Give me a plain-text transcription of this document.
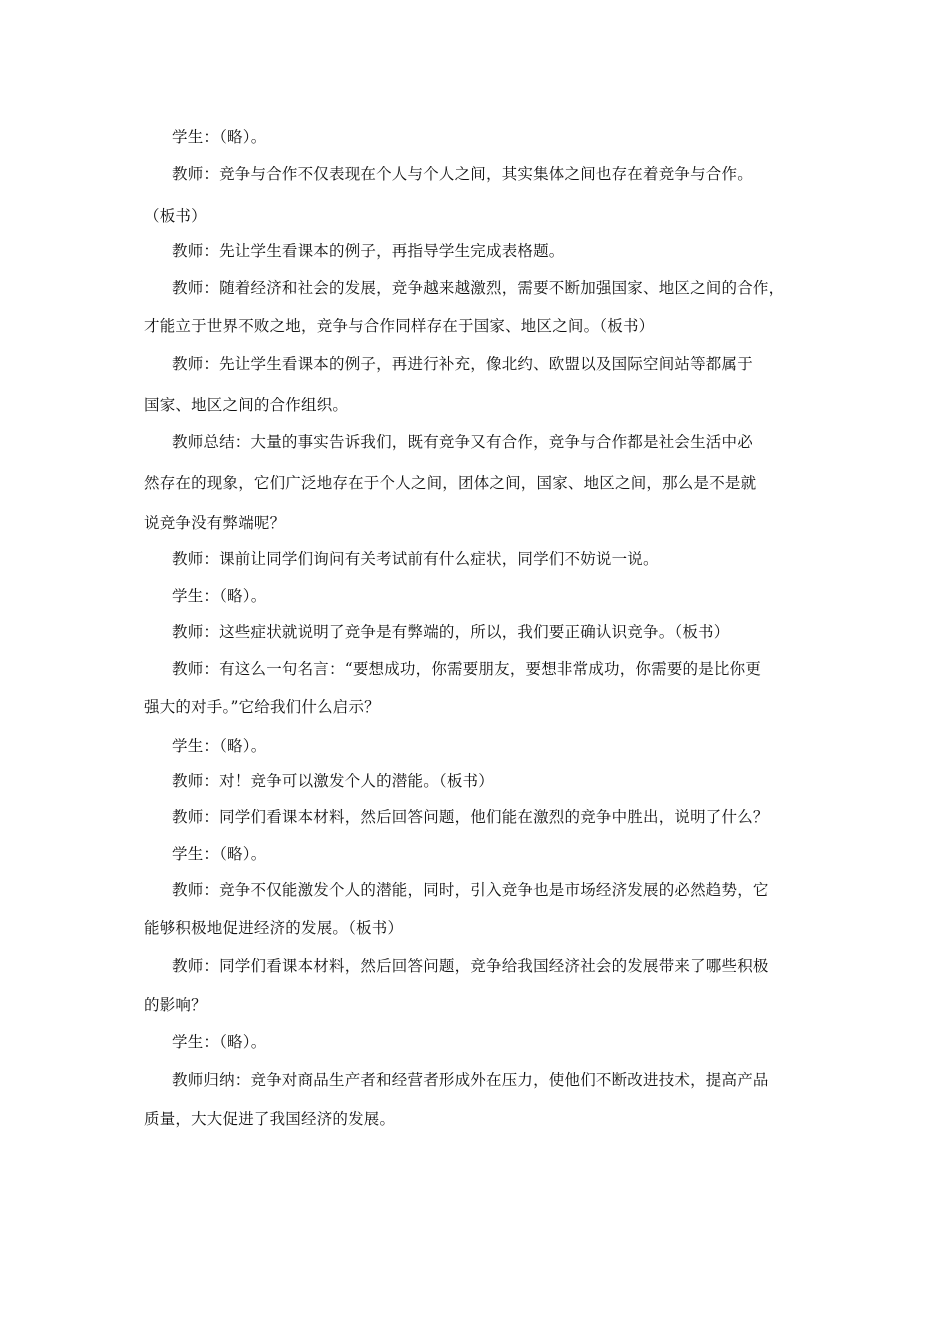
学生：（略）。
教师：竞争与合作不仅表现在个人与个人之间，其实集体之间也存在着竞争与合作。
（板书）
教师：先让学生看课本的例子，再指导学生完成表格题。
教师：随着经济和社会的发展，竞争越来越激烈，需要不断加强国家、地区之间的合作，
才能立于世界不败之地，竞争与合作同样存在于国家、地区之间。（板书）
教师：先让学生看课本的例子，再进行补充，像北约、欧盟以及国际空间站等都属于
国家、地区之间的合作组织。
教师总结：大量的事实告诉我们，既有竞争又有合作，竞争与合作都是社会生活中必
然存在的现象，它们广泛地存在于个人之间，团体之间，国家、地区之间，那么是不是就
说竞争没有弊端呢？
教师：课前让同学们询问有关考试前有什么症状，同学们不妨说一说。
学生：（略）。
教师：这些症状就说明了竞争是有弊端的，所以，我们要正确认识竞争。（板书）
教师：有这么一句名言：“要想成功，你需要朋友，要想非常成功，你需要的是比你更
强大的对手。”它给我们什么启示？
学生：（略）。
教师：对！竞争可以激发个人的潜能。（板书）
教师：同学们看课本材料，然后回答问题，他们能在激烈的竞争中胜出，说明了什么？
学生：（略）。
教师：竞争不仅能激发个人的潜能，同时，引入竞争也是市场经济发展的必然趋势，它
能够积极地促进经济的发展。（板书）
教师：同学们看课本材料，然后回答问题，竞争给我国经济社会的发展带来了哪些积极
的影响？
学生：（略）。
教师归纳：竞争对商品生产者和经营者形成外在压力，使他们不断改进技术，提高产品
质量，大大促进了我国经济的发展。
